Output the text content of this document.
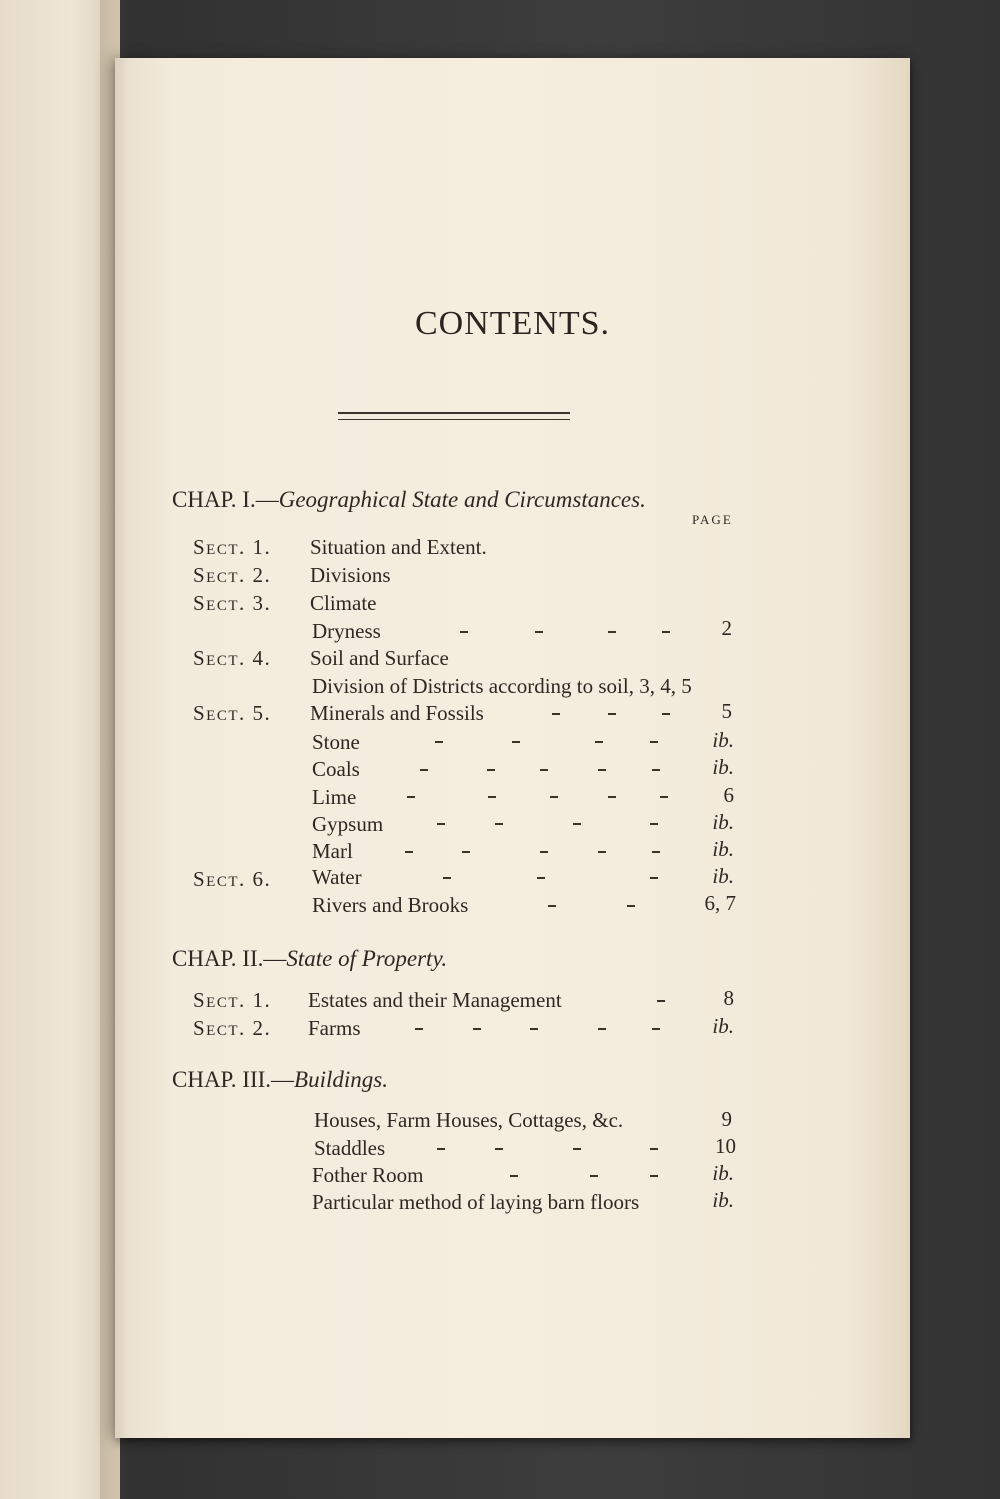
CONTENTS.
CHAP. I.—Geographical State and Circumstances.
PAGE
Sect. 1. Situation and Extent.
Sect. 2. Divisions
Sect. 3. Climate
Dryness	2
Sect. 4. Soil and Surface
Division of Districts according to soil, 3, 4, 5
Sect. 5. Minerals and Fossils	5
Stone	ib.
Coals	ib.
Lime	6
Gypsum	ib.
Marl	ib.
Sect. 6. Water	ib.
Rivers and Brooks	6, 7
CHAP. II.—State of Property.
Sect. 1. Estates and their Management	8
Sect. 2. Farms	ib.
CHAP. III.—Buildings.
Houses, Farm Houses, Cottages, &c.	9
Staddles	10
Fother Room	ib.
Particular method of laying barn floors	ib.
